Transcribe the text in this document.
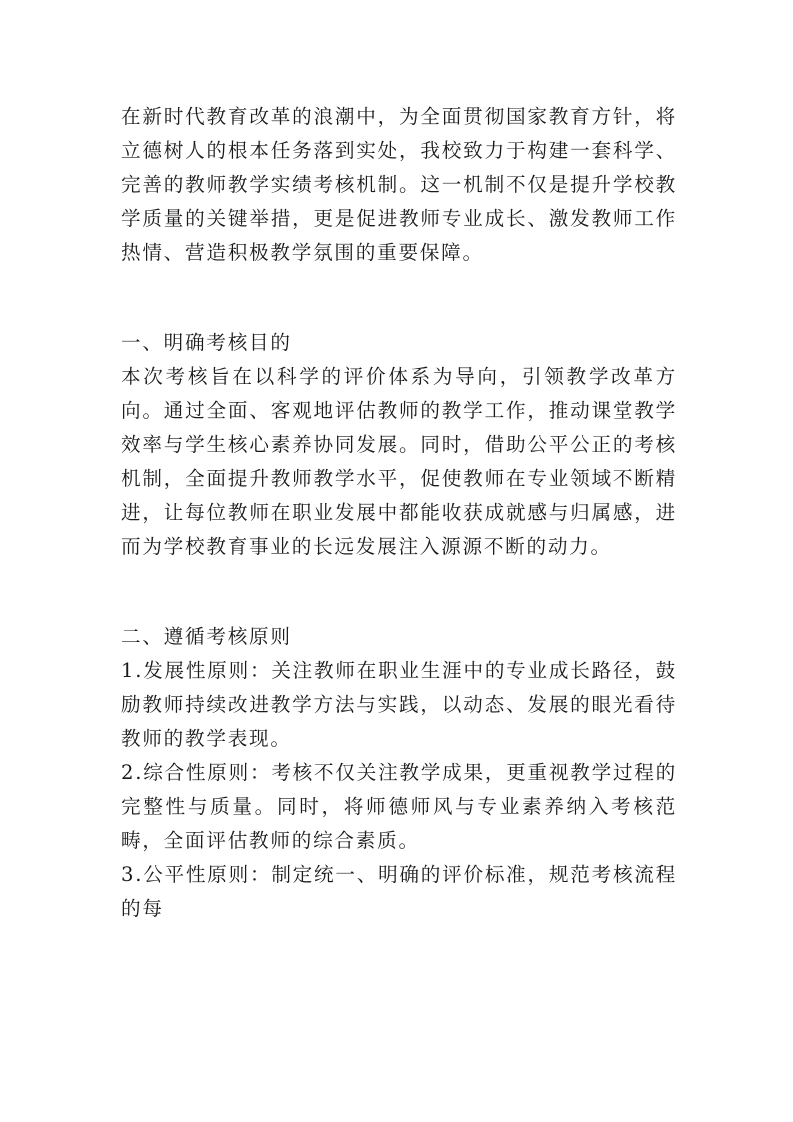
在新时代教育改革的浪潮中，为全面贯彻国家教育方针，将立德树人的根本任务落到实处，我校致力于构建一套科学、完善的教师教学实绩考核机制。这一机制不仅是提升学校教学质量的关键举措，更是促进教师专业成长、激发教师工作热情、营造积极教学氛围的重要保障。

一、明确考核目的

本次考核旨在以科学的评价体系为导向，引领教学改革方向。通过全面、客观地评估教师的教学工作，推动课堂教学效率与学生核心素养协同发展。同时，借助公平公正的考核机制，全面提升教师教学水平，促使教师在专业领域不断精进，让每位教师在职业发展中都能收获成就感与归属感，进而为学校教育事业的长远发展注入源源不断的动力。

二、遵循考核原则

1.发展性原则：关注教师在职业生涯中的专业成长路径，鼓励教师持续改进教学方法与实践，以动态、发展的眼光看待教师的教学表现。

2.综合性原则：考核不仅关注教学成果，更重视教学过程的完整性与质量。同时，将师德师风与专业素养纳入考核范畴，全面评估教师的综合素质。

3.公平性原则：制定统一、明确的评价标准，规范考核流程的每
